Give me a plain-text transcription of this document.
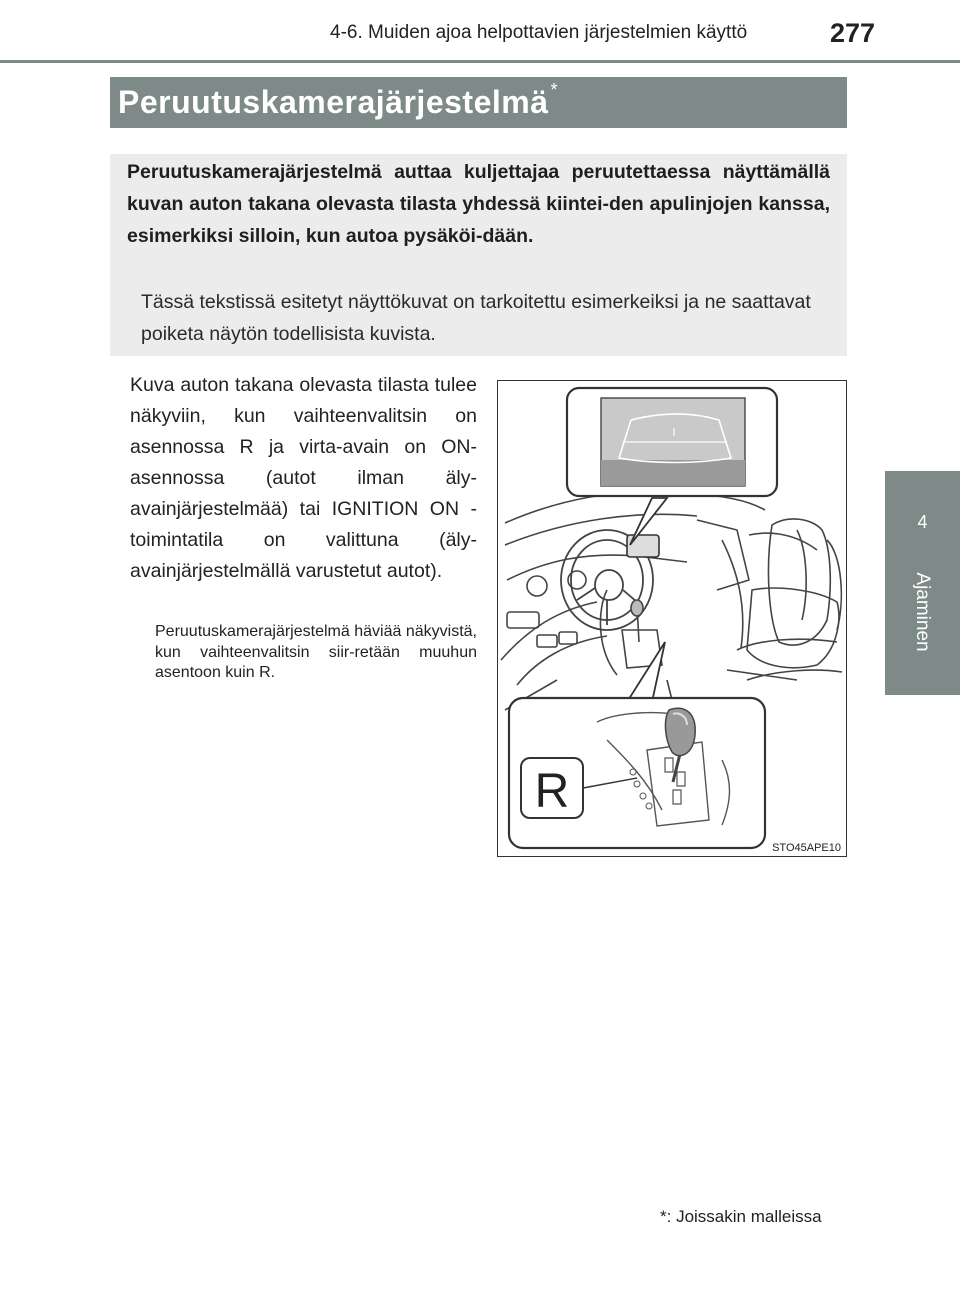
4-6. Muiden ajoa helpottavien järjestelmien käyttö	277
4
Ajaminen
Peruutuskamerajärjestelmä *
Peruutuskamerajärjestelmä auttaa kuljettajaa peruutettaessa näyttämällä kuvan auton takana olevasta tilasta yhdessä kiintei-den apulinjojen kanssa, esimerkiksi silloin, kun autoa pysäköi-dään.
Tässä tekstissä esitetyt näyttökuvat on tarkoitettu esimerkeiksi ja ne saattavat poiketa näytön todellisista kuvista.
Kuva auton takana olevasta tilasta tulee näkyviin, kun vaihteenvalitsin on asennossa R ja virta-avain on ON-asennossa (autot ilman äly-avainjärjestelmää) tai IGNITION ON -toimintatila on valittuna (äly-avainjärjestelmällä varustetut autot).
Peruutuskamerajärjestelmä häviää näkyvistä, kun vaihteenvalitsin siir-retään muuhun asentoon kuin R.
R
STO45APE10
*: Joissakin malleissa
